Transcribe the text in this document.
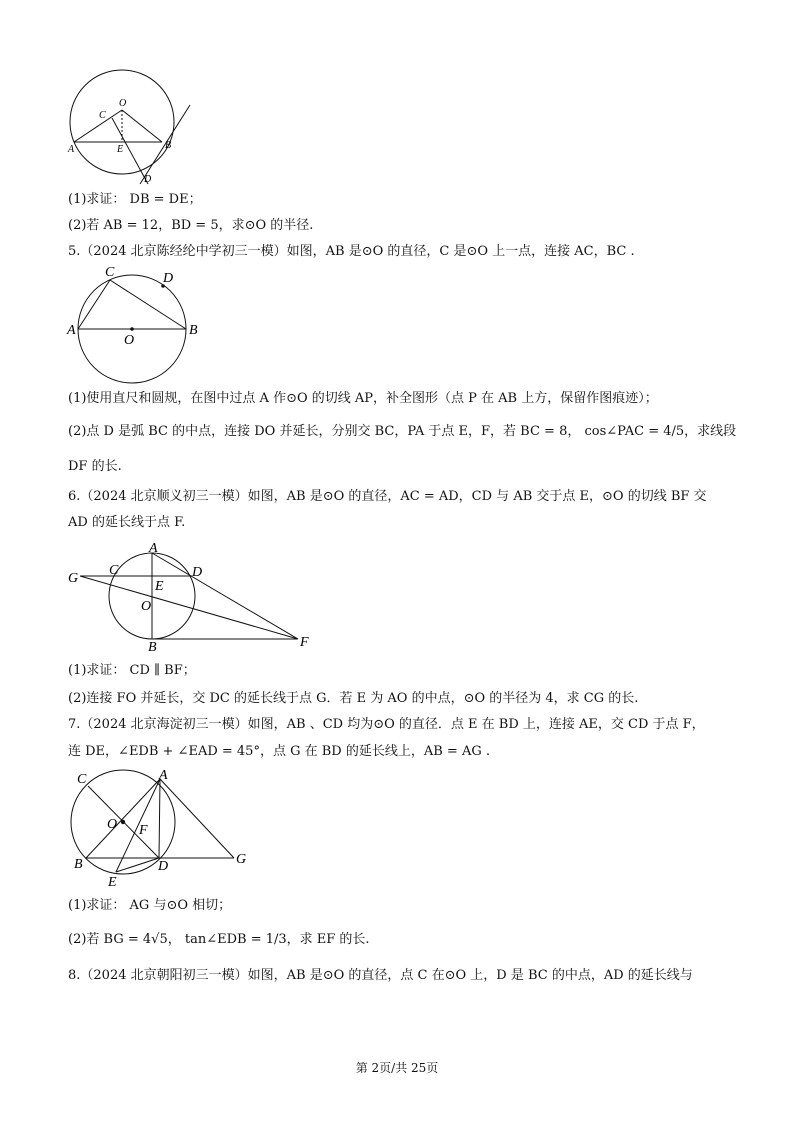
O
C
A	E	B
D
(1)求证： DB = DE；
(2)若 AB = 12，BD = 5，求⊙O 的半径.
5.（2024 北京陈经纶中学初三一模）如图，AB 是⊙O 的直径，C 是⊙O 上一点，连接 AC，BC .
C	D
A
O
B
(1)使用直尺和圆规，在图中过点 A 作⊙O 的切线 AP，补全图形（点 P 在 AB 上方，保留作图痕迹）；
(2)点 D 是弧 BC 的中点，连接 DO 并延长，分别交 BC，PA 于点 E，F，若 BC = 8， cos∠PAC = 4/5，求线段
DF 的长.
6.（2024 北京顺义初三一模）如图，AB 是⊙O 的直径，AC = AD，CD 与 AB 交于点 E，⊙O 的切线 BF 交
AD 的延长线于点 F.
A
G
C	D
E
O
B	F
(1)求证： CD ∥ BF；
(2)连接 FO 并延长，交 DC 的延长线于点 G．若 E 为 AO 的中点，⊙O 的半径为 4，求 CG 的长.
7.（2024 北京海淀初三一模）如图，AB 、CD 均为⊙O 的直径．点 E 在 BD 上，连接 AE，交 CD 于点 F，
连 DE，∠EDB + ∠EAD = 45°，点 G 在 BD 的延长线上，AB = AG .
C	A
O F
B	D	G
E
(1)求证： AG 与⊙O 相切；
(2)若 BG = 4√5， tan∠EDB = 1/3，求 EF 的长.
8.（2024 北京朝阳初三一模）如图，AB 是⊙O 的直径，点 C 在⊙O 上，D 是 BC 的中点，AD 的延长线与
第 2页/共 25页
